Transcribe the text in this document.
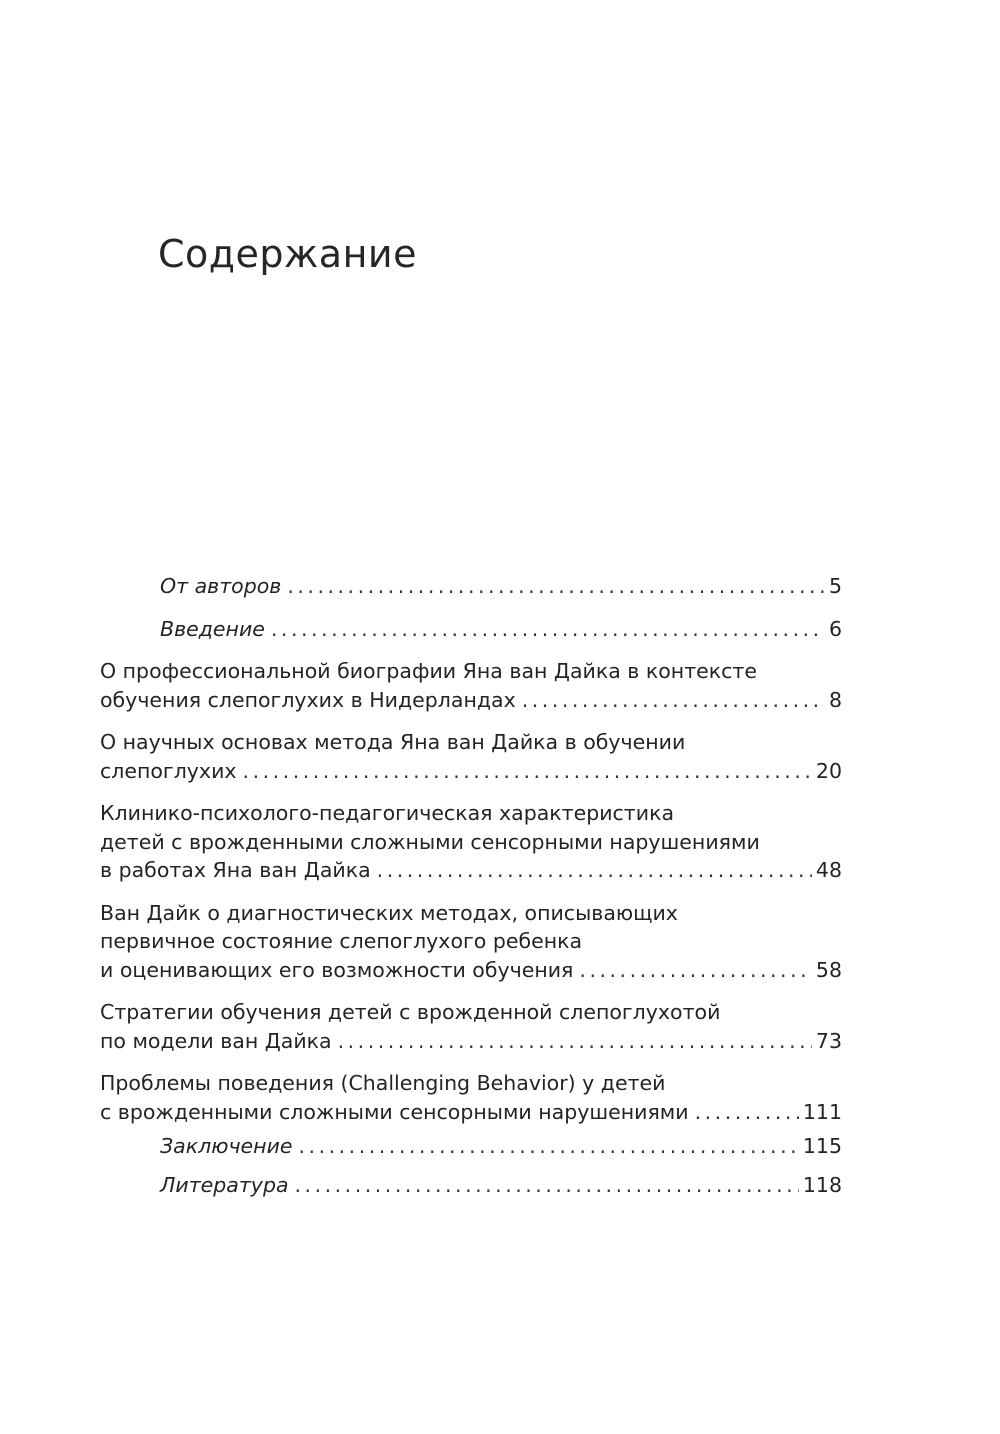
Содержание
От авторов . . .	5
Введение . . .	6
О профессиональной биографии Яна ван Дайка в контексте
обучения слепоглухих в Нидерландах . . .	8
О научных основах метода Яна ван Дайка в обучении
слепоглухих . . .	20
Клинико-психолого-педагогическая характеристика
детей с врожденными сложными сенсорными нарушениями
в работах Яна ван Дайка . . .	48
Ван Дайк о диагностических методах, описывающих
первичное состояние слепоглухого ребенка
и оценивающих его возможности обучения . . .	58
Стратегии обучения детей с врожденной слепоглухотой
по модели ван Дайка . . .	73
Проблемы поведения (Challenging Behavior) у детей
с врожденными сложными сенсорными нарушениями . . .	111
Заключение . . .	115
Литература . . .	118
